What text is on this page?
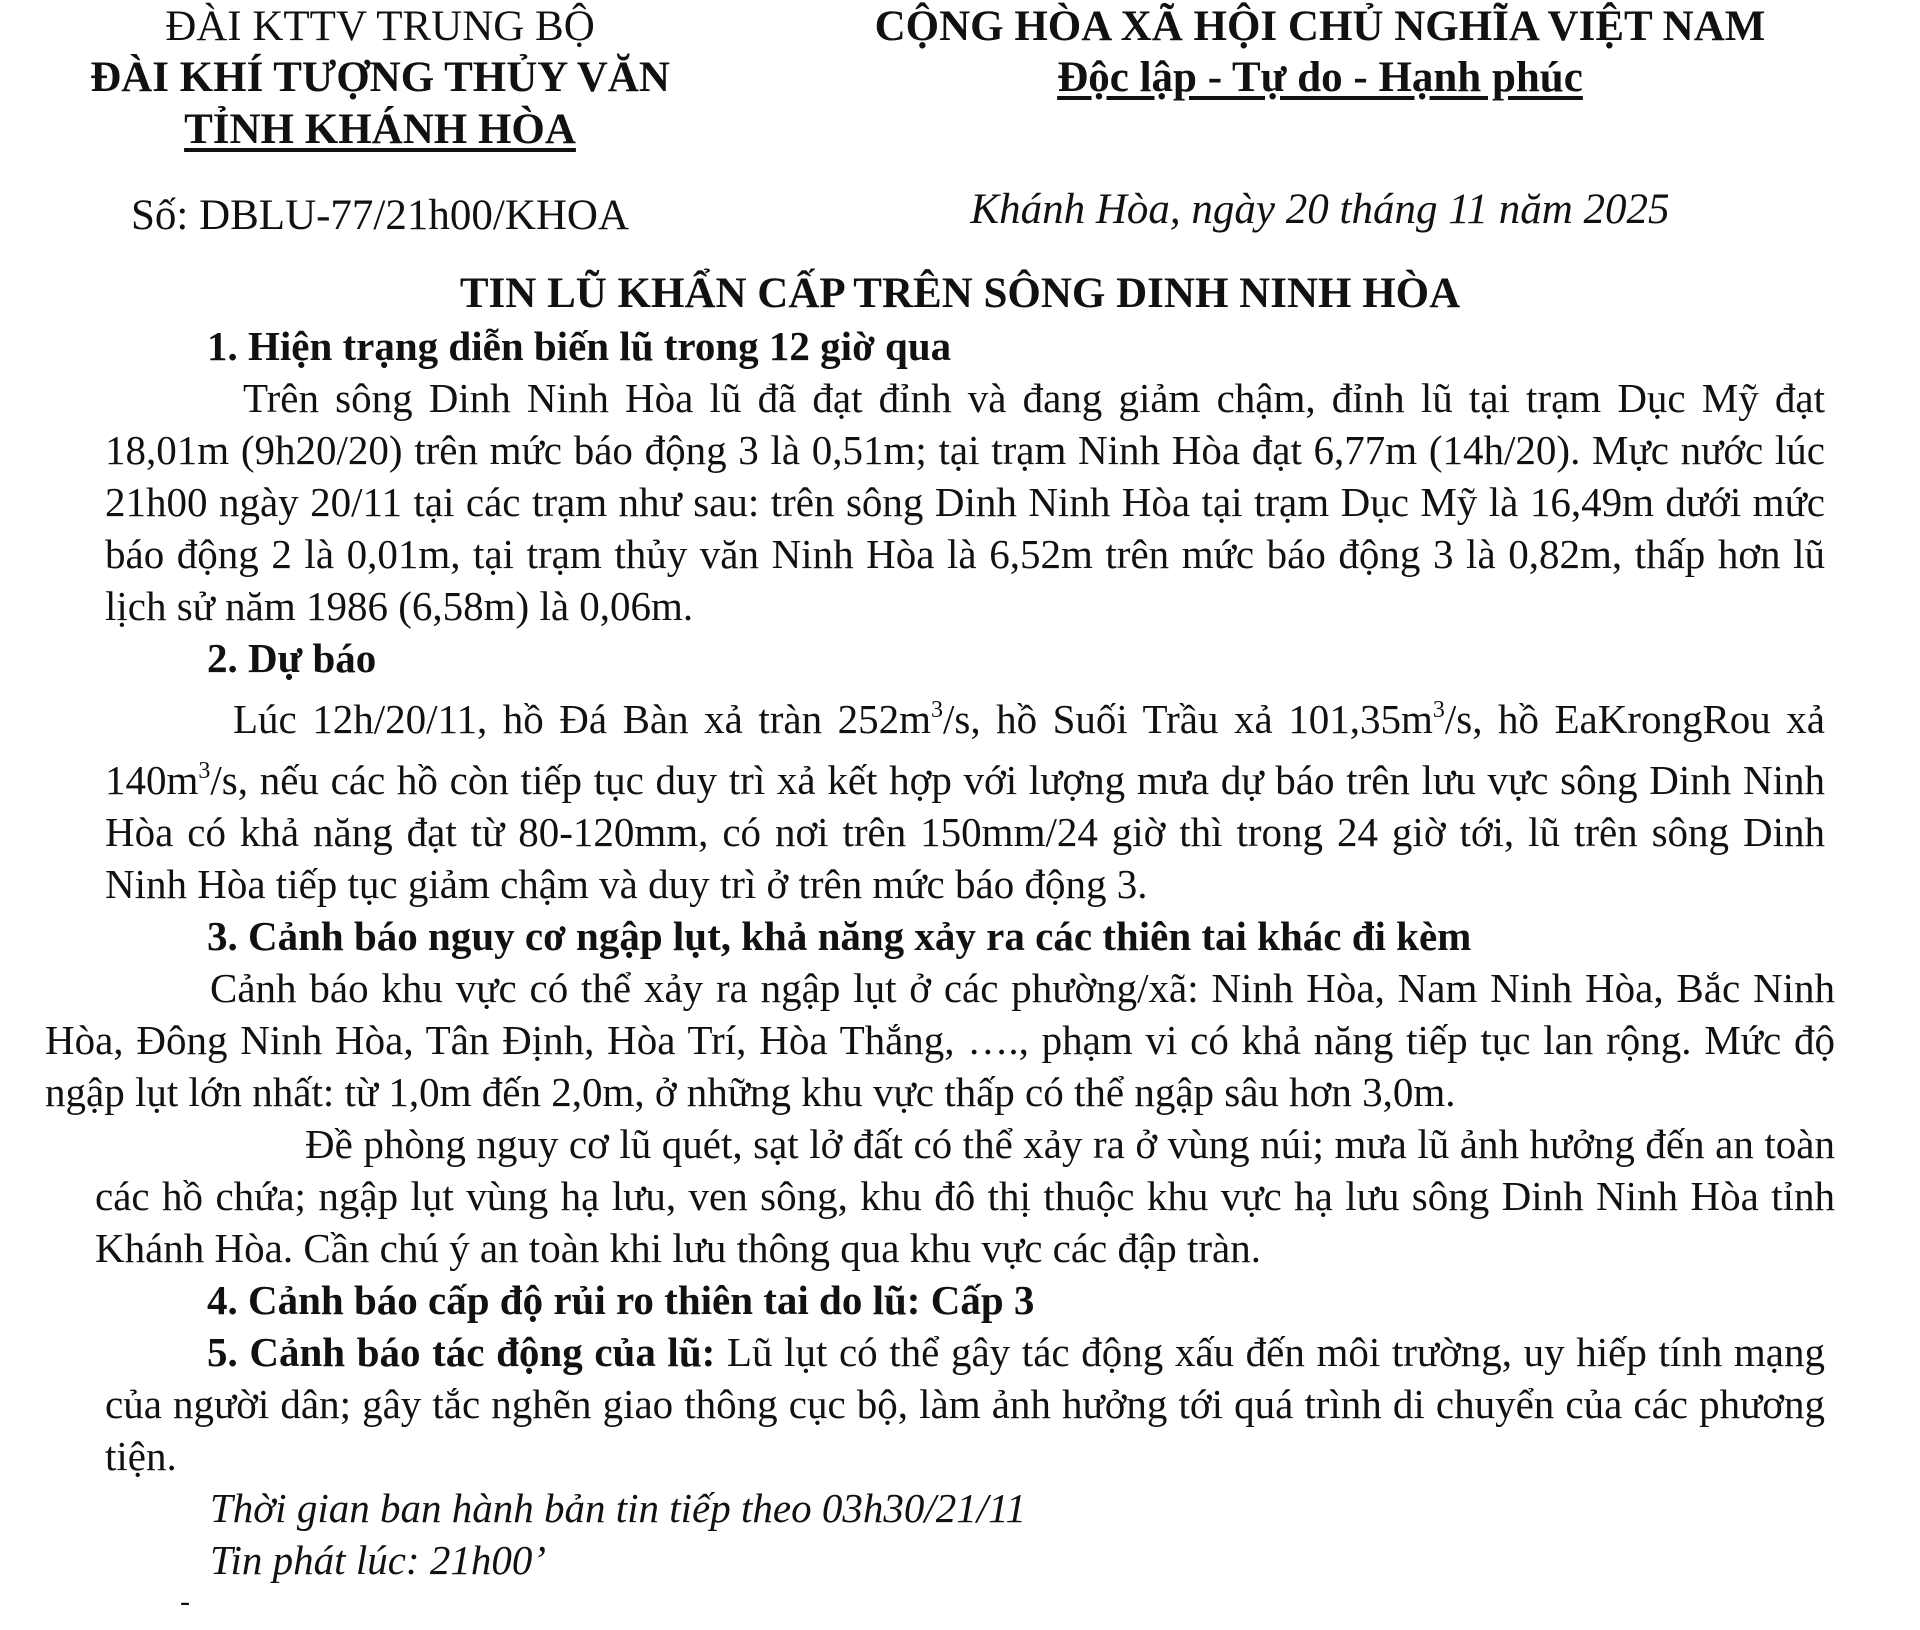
ĐÀI KTTV TRUNG BỘ
ĐÀI KHÍ TƯỢNG THỦY VĂN
TỈNH KHÁNH HÒA
Số: DBLU-77/21h00/KHOA
CỘNG HÒA XÃ HỘI CHỦ NGHĨA VIỆT NAM
Độc lập - Tự do - Hạnh phúc
Khánh Hòa, ngày 20 tháng 11 năm 2025
TIN LŨ KHẨN CẤP TRÊN SÔNG DINH NINH HÒA
1. Hiện trạng diễn biến lũ trong 12 giờ qua

Trên sông Dinh Ninh Hòa lũ đã đạt đỉnh và đang giảm chậm, đỉnh lũ tại trạm Dục Mỹ đạt 18,01m (9h20/20) trên mức báo động 3 là 0,51m; tại trạm Ninh Hòa đạt 6,77m (14h/20). Mực nước lúc 21h00 ngày 20/11 tại các trạm như sau: trên sông Dinh Ninh Hòa tại trạm Dục Mỹ là 16,49m dưới mức báo động 2 là 0,01m, tại trạm thủy văn Ninh Hòa là 6,52m trên mức báo động 3 là 0,82m, thấp hơn lũ lịch sử năm 1986 (6,58m) là 0,06m.

2. Dự báo

Lúc 12h/20/11, hồ Đá Bàn xả tràn $252m^3/s$, hồ Suối Trầu xả $101,35m^3/s$, hồ EaKrongRou xả $140m^3/s$, nếu các hồ còn tiếp tục duy trì xả kết hợp với lượng mưa dự báo trên lưu vực sông Dinh Ninh Hòa có khả năng đạt từ 80-120mm, có nơi trên 150mm/24 giờ thì trong 24 giờ tới, lũ trên sông Dinh Ninh Hòa tiếp tục giảm chậm và duy trì ở trên mức báo động 3.

3. Cảnh báo nguy cơ ngập lụt, khả năng xảy ra các thiên tai khác đi kèm

Cảnh báo khu vực có thể xảy ra ngập lụt ở các phường/xã: Ninh Hòa, Nam Ninh Hòa, Bắc Ninh Hòa, Đông Ninh Hòa, Tân Định, Hòa Trí, Hòa Thắng, …., phạm vi có khả năng tiếp tục lan rộng. Mức độ ngập lụt lớn nhất: từ 1,0m đến 2,0m, ở những khu vực thấp có thể ngập sâu hơn 3,0m.

Đề phòng nguy cơ lũ quét, sạt lở đất có thể xảy ra ở vùng núi; mưa lũ ảnh hưởng đến an toàn các hồ chứa; ngập lụt vùng hạ lưu, ven sông, khu đô thị thuộc khu vực hạ lưu sông Dinh Ninh Hòa tỉnh Khánh Hòa. Cần chú ý an toàn khi lưu thông qua khu vực các đập tràn.

4. Cảnh báo cấp độ rủi ro thiên tai do lũ: Cấp 3

5. Cảnh báo tác động của lũ: Lũ lụt có thể gây tác động xấu đến môi trường, uy hiếp tính mạng của người dân; gây tắc nghẽn giao thông cục bộ, làm ảnh hưởng tới quá trình di chuyển của các phương tiện.

Thời gian ban hành bản tin tiếp theo 03h30/21/11
Tin phát lúc: 21h00’
-
